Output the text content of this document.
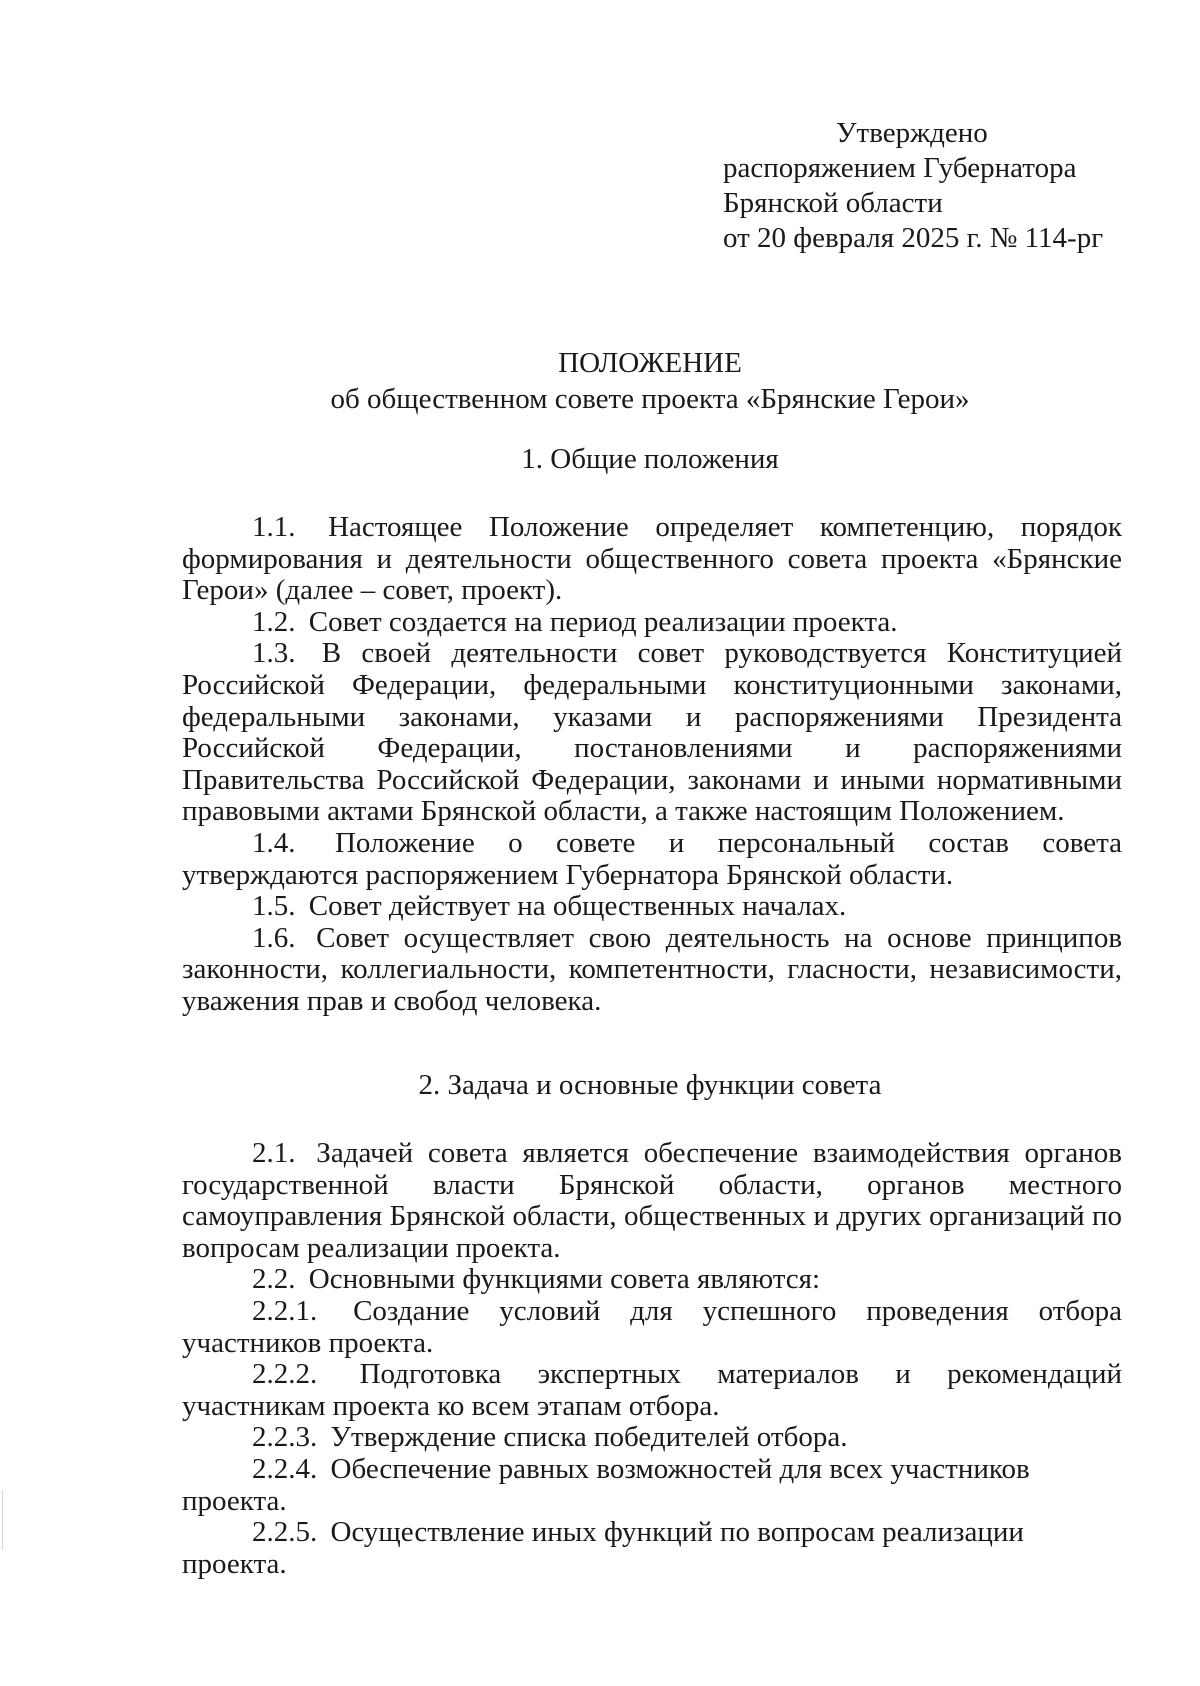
Утверждено
распоряжением Губернатора
Брянской области
от 20 февраля 2025 г. № 114-рг
ПОЛОЖЕНИЕ
об общественном совете проекта «Брянские Герои»
1. Общие положения

1.1. Настоящее Положение определяет компетенцию, порядок формирования и деятельности общественного совета проекта «Брянские Герои» (далее – совет, проект).

1.2. Совет создается на период реализации проекта.

1.3. В своей деятельности совет руководствуется Конституцией Российской Федерации, федеральными конституционными законами, федеральными законами, указами и распоряжениями Президента Российской Федерации, постановлениями и распоряжениями Правительства Российской Федерации, законами и иными нормативными правовыми актами Брянской области, а также настоящим Положением.

1.4. Положение о совете и персональный состав совета утверждаются распоряжением Губернатора Брянской области.

1.5. Совет действует на общественных началах.

1.6. Совет осуществляет свою деятельность на основе принципов законности, коллегиальности, компетентности, гласности, независимости, уважения прав и свобод человека.

2. Задача и основные функции совета

2.1. Задачей совета является обеспечение взаимодействия органов государственной власти Брянской области, органов местного самоуправления Брянской области, общественных и других организаций по вопросам реализации проекта.

2.2. Основными функциями совета являются:

2.2.1. Создание условий для успешного проведения отбора участников проекта.

2.2.2. Подготовка экспертных материалов и рекомендаций участникам проекта ко всем этапам отбора.

2.2.3. Утверждение списка победителей отбора.

2.2.4. Обеспечение равных возможностей для всех участников проекта.

2.2.5. Осуществление иных функций по вопросам реализации проекта.
